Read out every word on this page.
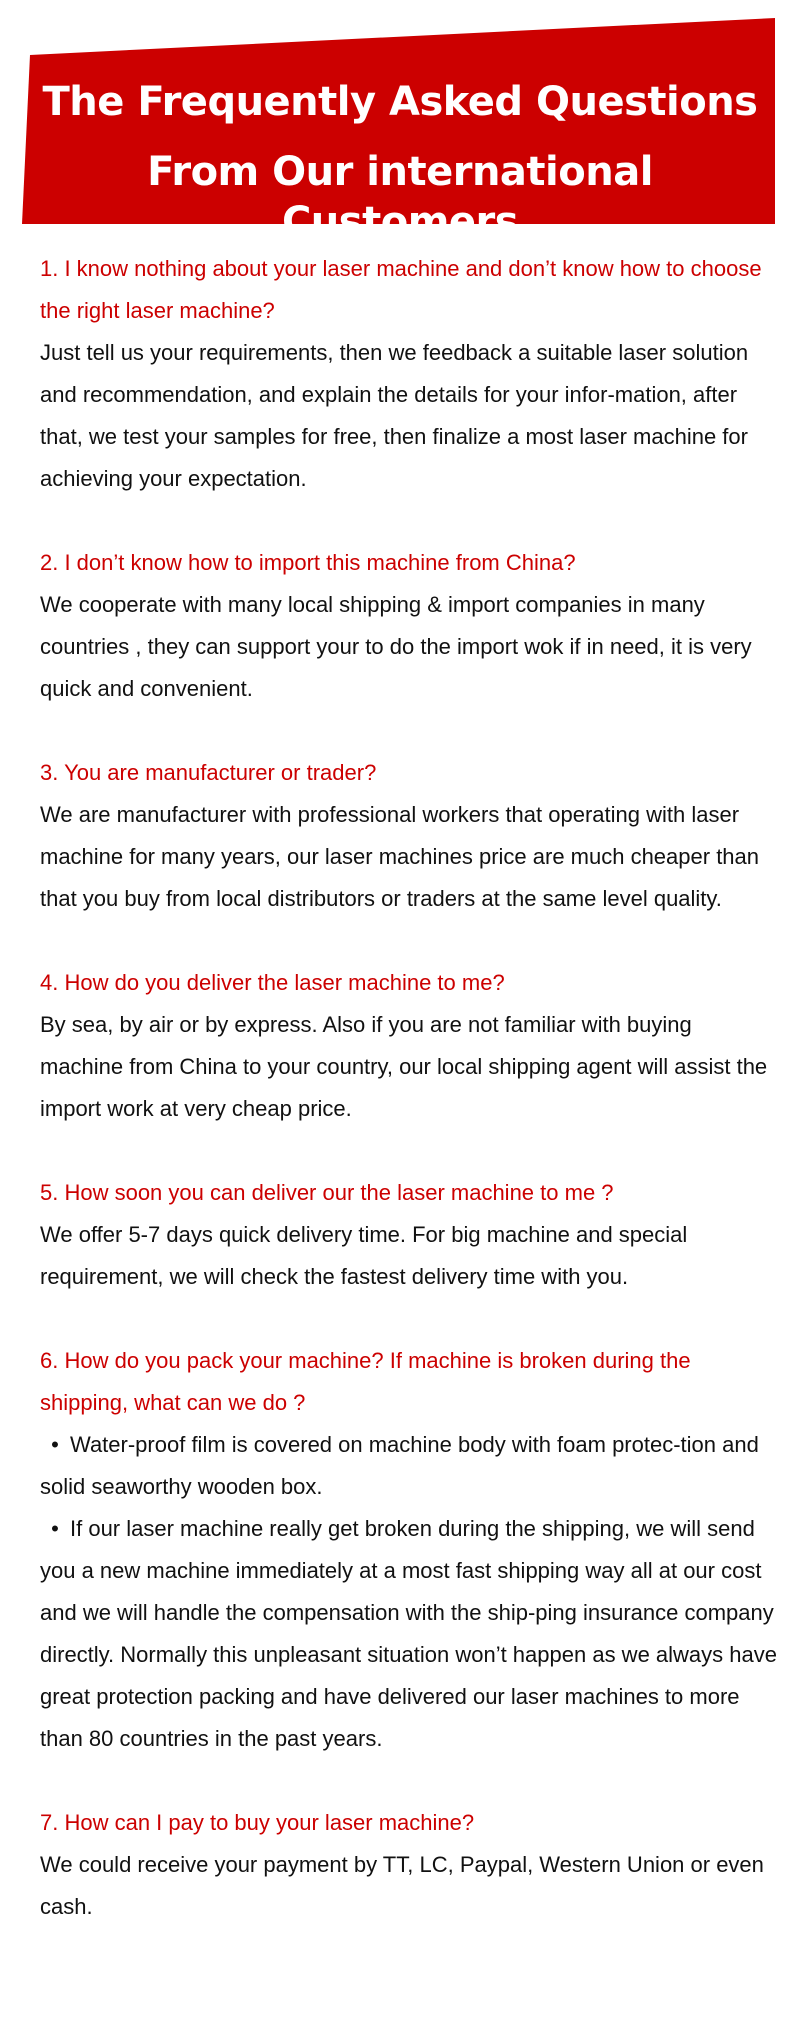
The Frequently Asked Questions
From Our international Customers

1. I know nothing about your laser machine and don’t know how to choose the right laser machine?

Just tell us your requirements, then we feedback a suitable laser solution and recommendation, and explain the details for your infor-mation, after that, we test your samples for free, then finalize a most laser machine for achieving your expectation.

2. I don’t know how to import this machine from China?

We cooperate with many local shipping & import companies in many countries , they can support your to do the import wok if in need, it is very quick and convenient.

3. You are manufacturer or trader?

We are manufacturer with professional workers that operating with laser machine for many years, our laser machines price are much cheaper than that you buy from local distributors or traders at the same level quality.

4. How do you deliver the laser machine to me?

By sea, by air or by express. Also if you are not familiar with buying machine from China to your country, our local shipping agent will assist the import work at very cheap price.

5. How soon you can deliver our the laser machine to me ?

We offer 5-7 days quick delivery time. For big machine and special requirement, we will check the fastest delivery time with you.

6. How do you pack your machine? If machine is broken during the shipping, what can we do ?

• Water-proof film is covered on machine body with foam protec-tion and solid seaworthy wooden box.

• If our laser machine really get broken during the shipping, we will send you a new machine immediately at a most fast shipping way all at our cost and we will handle the compensation with the ship-ping insurance company directly. Normally this unpleasant situation won’t happen as we always have great protection packing and have delivered our laser machines to more than 80 countries in the past years.

7. How can I pay to buy your laser machine?

We could receive your payment by TT, LC, Paypal, Western Union or even cash.
